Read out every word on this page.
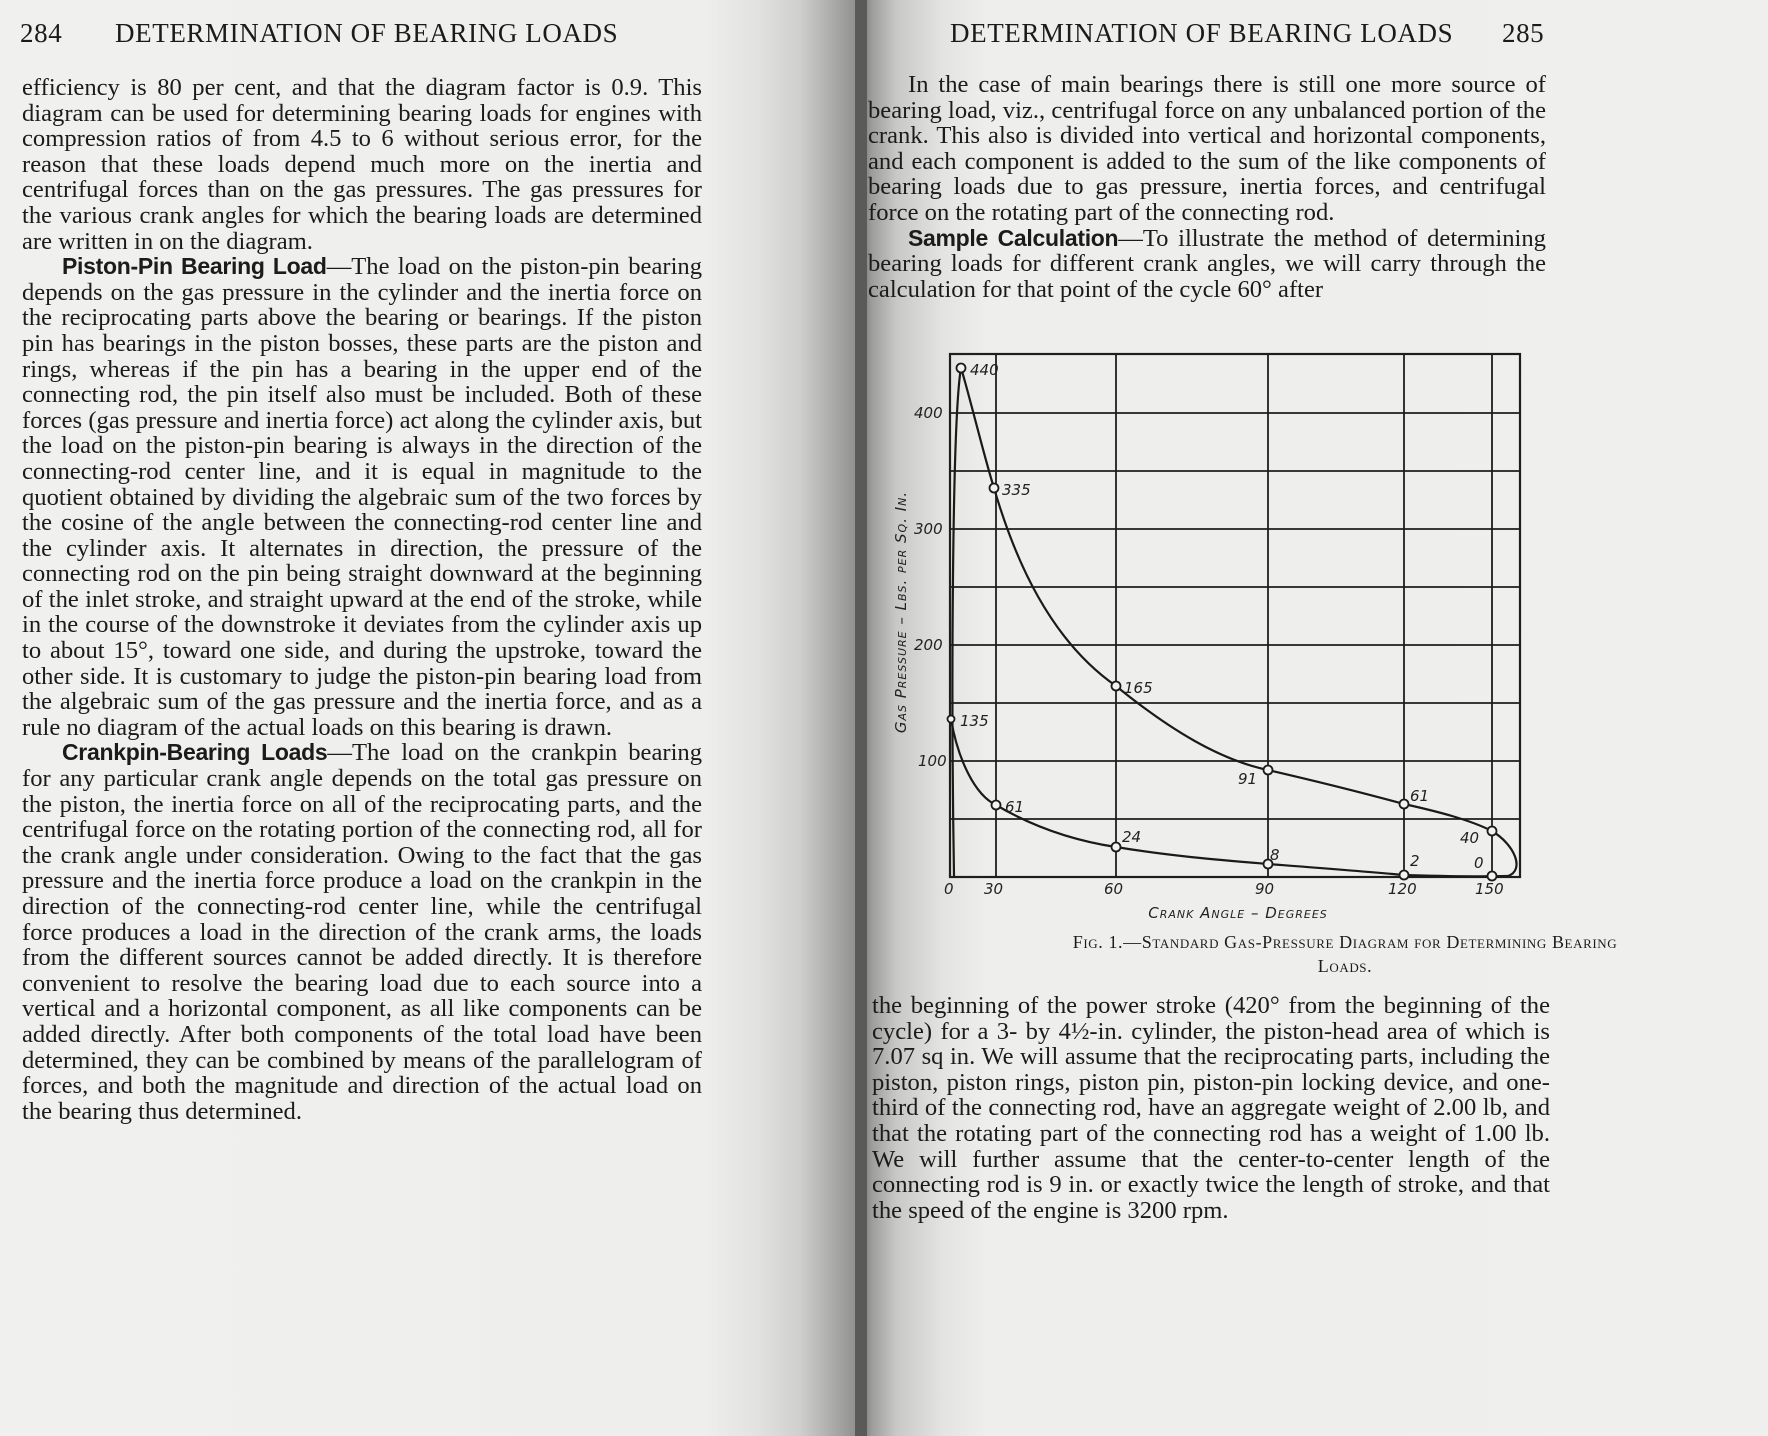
284 DETERMINATION OF BEARING LOADS

efficiency is 80 per cent, and that the diagram factor is 0.9. This diagram can be used for determining bearing loads for engines with compression ratios of from 4.5 to 6 without serious error, for the reason that these loads depend much more on the inertia and centrifugal forces than on the gas pressures. The gas pressures for the various crank angles for which the bearing loads are determined are written in on the diagram.

Piston-Pin Bearing Load—The load on the piston-pin bearing depends on the gas pressure in the cylinder and the inertia force on the reciprocating parts above the bearing or bearings. If the piston pin has bearings in the piston bosses, these parts are the piston and rings, whereas if the pin has a bearing in the upper end of the connecting rod, the pin itself also must be included. Both of these forces (gas pressure and inertia force) act along the cylinder axis, but the load on the piston-pin bearing is always in the direction of the connecting-rod center line, and it is equal in magnitude to the quotient obtained by dividing the algebraic sum of the two forces by the cosine of the angle between the connecting-rod center line and the cylinder axis. It alternates in direction, the pressure of the connecting rod on the pin being straight downward at the beginning of the inlet stroke, and straight upward at the end of the stroke, while in the course of the downstroke it deviates from the cylinder axis up to about 15°, toward one side, and during the upstroke, toward the other side. It is customary to judge the piston-pin bearing load from the algebraic sum of the gas pressure and the inertia force, and as a rule no diagram of the actual loads on this bearing is drawn.

Crankpin-Bearing Loads—The load on the crankpin bearing for any particular crank angle depends on the total gas pressure on the piston, the inertia force on all of the reciprocating parts, and the centrifugal force on the rotating portion of the connecting rod, all for the crank angle under consideration. Owing to the fact that the gas pressure and the inertia force produce a load on the crankpin in the direction of the connecting-rod center line, while the centrifugal force produces a load in the direction of the crank arms, the loads from the different sources cannot be added directly. It is therefore convenient to resolve the bearing load due to each source into a vertical and a horizontal component, as all like components can be added directly. After both components of the total load have been determined, they can be combined by means of the parallelogram of forces, and both the magnitude and direction of the actual load on the bearing thus determined.

DETERMINATION OF BEARING LOADS 285

In the case of main bearings there is still one more source of bearing load, viz., centrifugal force on any unbalanced portion of the crank. This also is divided into vertical and horizontal components, and each component is added to the sum of the like components of bearing loads due to gas pressure, inertia forces, and centrifugal force on the rotating part of the connecting rod.

Sample Calculation—To illustrate the method of determining bearing loads for different crank angles, we will carry through the calculation for that point of the cycle 60° after

440
335
165
91
61
40
135
61
24
8	2	0
0 30	60	90	120	150
100
200
300
400
Crank Angle – Degrees
Gas Pressure – Lbs. per Sq. In.
Fig. 1.—Standard Gas-Pressure Diagram for Determining Bearing
Loads.

the beginning of the power stroke (420° from the beginning of the cycle) for a 3- by 4½-in. cylinder, the piston-head area of which is 7.07 sq in. We will assume that the reciprocating parts, including the piston, piston rings, piston pin, piston-pin locking device, and one-third of the connecting rod, have an aggregate weight of 2.00 lb, and that the rotating part of the connecting rod has a weight of 1.00 lb. We will further assume that the center-to-center length of the connecting rod is 9 in. or exactly twice the length of stroke, and that the speed of the engine is 3200 rpm.
